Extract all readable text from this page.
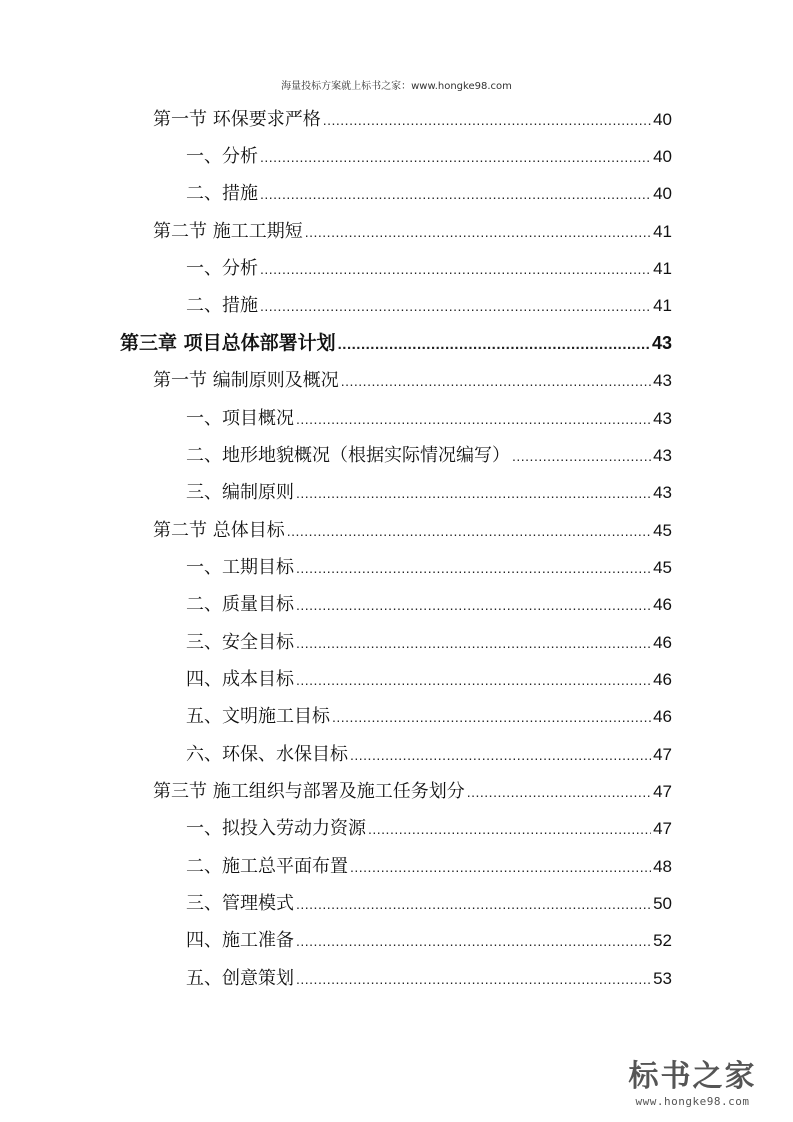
海量投标方案就上标书之家：www.hongke98.com
第一节 环保要求严格 .....	40
一、分析 .....	40
二、措施 .....	40
第二节 施工工期短 .....	41
一、分析 .....	41
二、措施 .....	41
第三章 项目总体部署计划 .....	43
第一节 编制原则及概况 .....	43
一、项目概况 .....	43
二、地形地貌概况（根据实际情况编写） .....	43
三、编制原则 .....	43
第二节 总体目标 .....	45
一、工期目标 .....	45
二、质量目标 .....	46
三、安全目标 .....	46
四、成本目标 .....	46
五、文明施工目标 .....	46
六、环保、水保目标 .....	47
第三节 施工组织与部署及施工任务划分 .....	47
一、拟投入劳动力资源 .....	47
二、施工总平面布置 .....	48
三、管理模式 .....	50
四、施工准备 .....	52
五、创意策划 .....	53
标书之家
www.hongke98.com
